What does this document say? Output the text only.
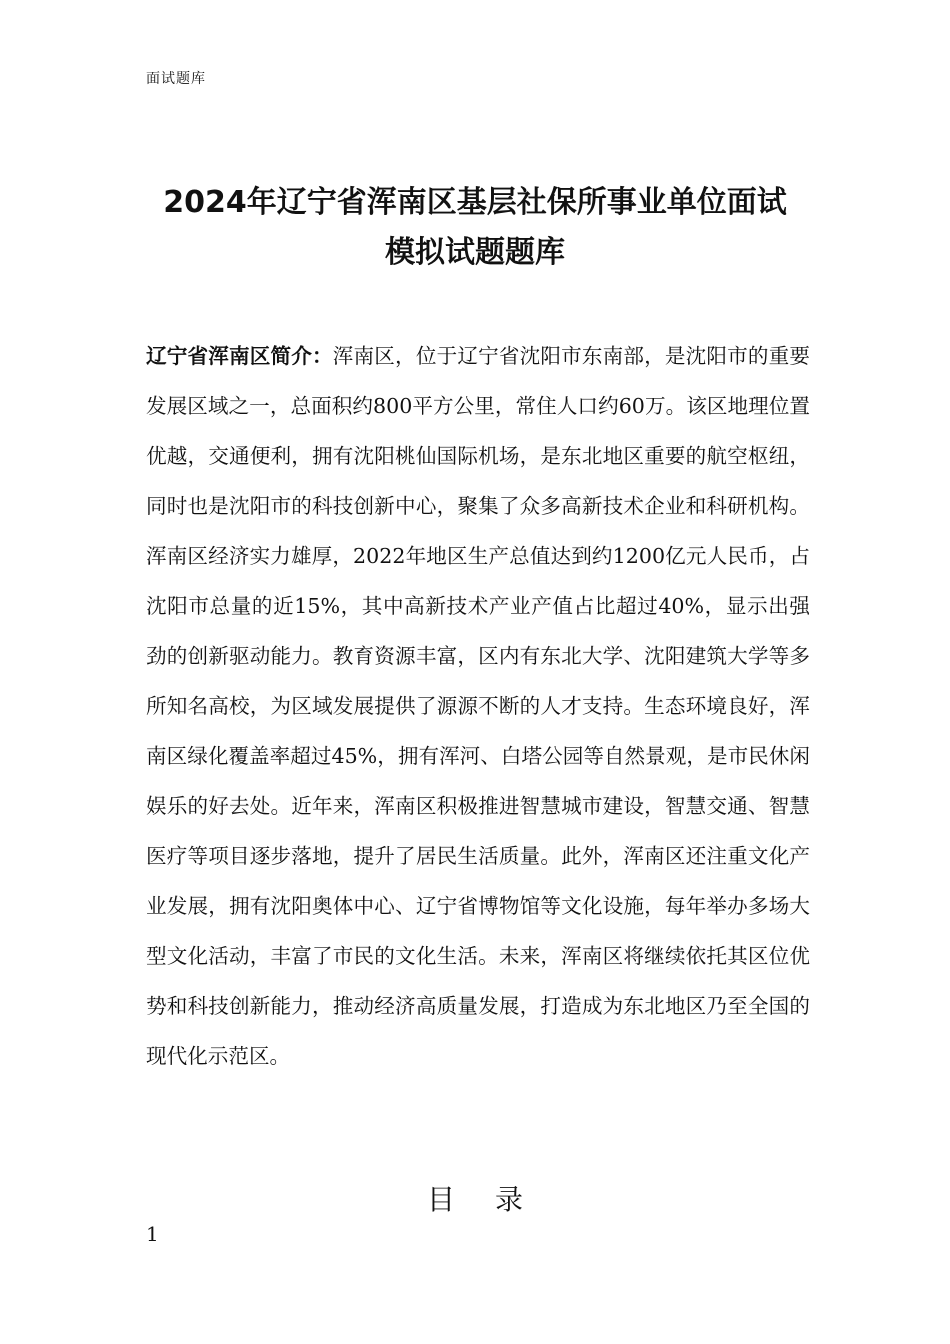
面试题库
2024年辽宁省浑南区基层社保所事业单位面试
模拟试题题库
辽宁省浑南区简介：浑南区，位于辽宁省沈阳市东南部，是沈阳市的重要发展区域之一，总面积约800平方公里，常住人口约60万。该区地理位置优越，交通便利，拥有沈阳桃仙国际机场，是东北地区重要的航空枢纽，同时也是沈阳市的科技创新中心，聚集了众多高新技术企业和科研机构。浑南区经济实力雄厚，2022年地区生产总值达到约1200亿元人民币，占沈阳市总量的近15%，其中高新技术产业产值占比超过40%，显示出强劲的创新驱动能力。教育资源丰富，区内有东北大学、沈阳建筑大学等多所知名高校，为区域发展提供了源源不断的人才支持。生态环境良好，浑南区绿化覆盖率超过45%，拥有浑河、白塔公园等自然景观，是市民休闲娱乐的好去处。近年来，浑南区积极推进智慧城市建设，智慧交通、智慧医疗等项目逐步落地，提升了居民生活质量。此外，浑南区还注重文化产业发展，拥有沈阳奥体中心、辽宁省博物馆等文化设施，每年举办多场大型文化活动，丰富了市民的文化生活。未来，浑南区将继续依托其区位优势和科技创新能力，推动经济高质量发展，打造成为东北地区乃至全国的现代化示范区。
目录
1
